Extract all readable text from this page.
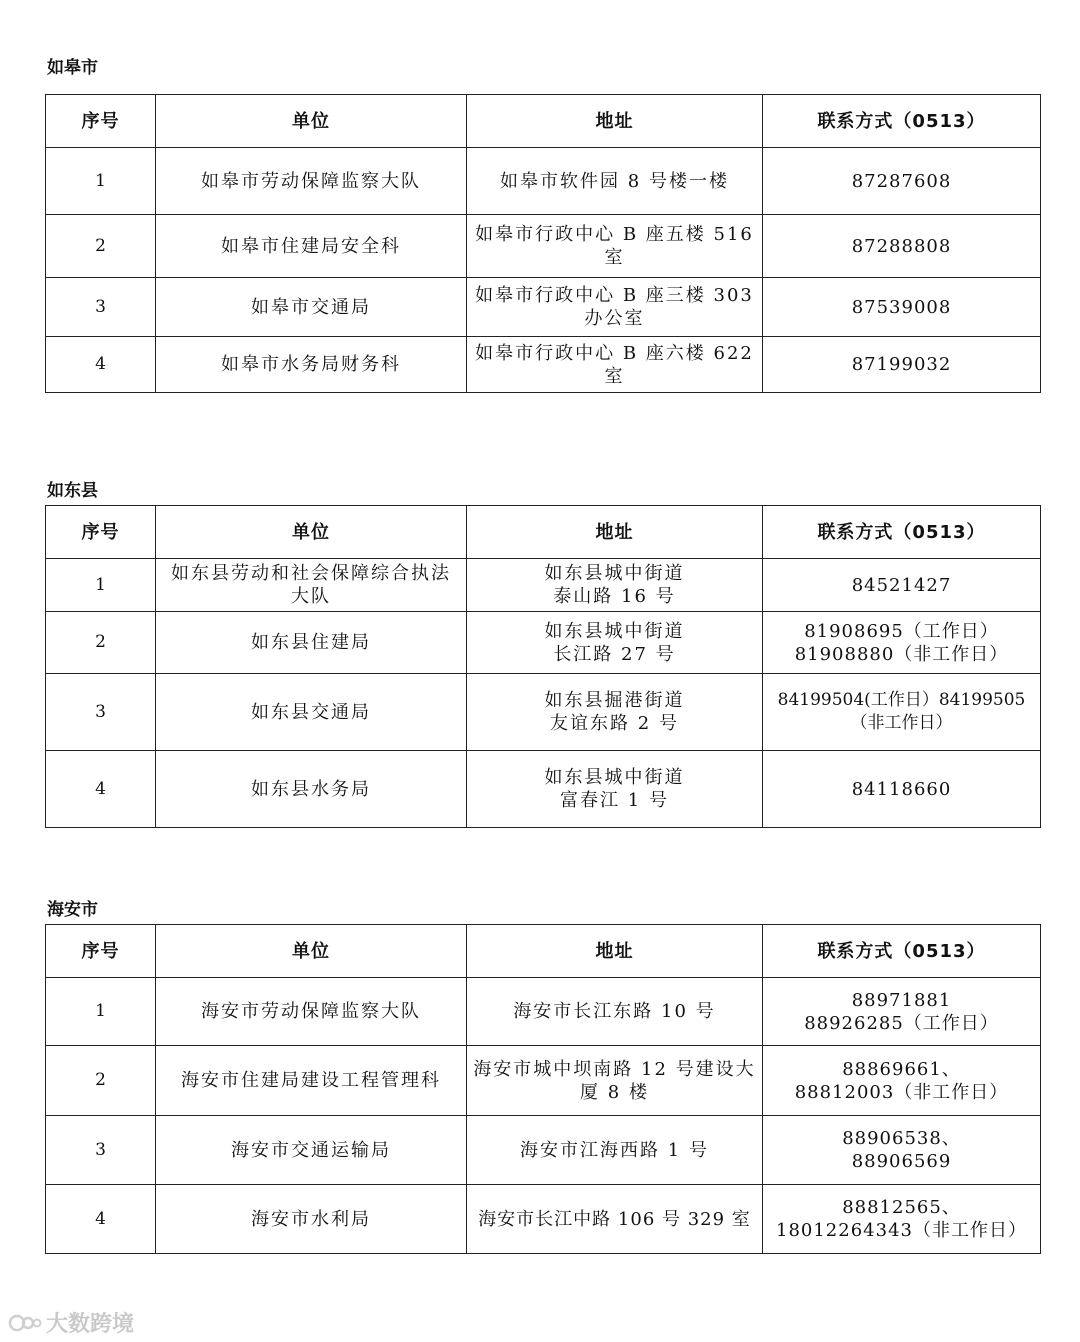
如皋市
序号	单位	地址	联系方式（0513）
1	如皋市劳动保障监察大队	如皋市软件园 8 号楼一楼	87287608
2	如皋市住建局安全科	如皋市行政中心 B 座五楼 516
室	87288808
3	如皋市交通局	如皋市行政中心 B 座三楼 303
办公室	87539008
4	如皋市水务局财务科	如皋市行政中心 B 座六楼 622
室	87199032
如东县
序号	单位	地址	联系方式（0513）
1	如东县劳动和社会保障综合执法
大队	如东县城中街道
泰山路 16 号	84521427
2	如东县住建局	如东县城中街道
长江路 27 号	81908695（工作日）
81908880（非工作日）
3	如东县交通局	如东县掘港街道
友谊东路 2 号	84199504(工作日）84199505
（非工作日）
4	如东县水务局	如东县城中街道
富春江 1 号	84118660
海安市
序号	单位	地址	联系方式（0513）
1	海安市劳动保障监察大队	海安市长江东路 10 号	88971881
88926285（工作日）
2	海安市住建局建设工程管理科	海安市城中坝南路 12 号建设大
厦 8 楼	88869661、
88812003（非工作日）
3	海安市交通运输局	海安市江海西路 1 号	88906538、
88906569
4	海安市水利局	海安市长江中路 106 号 329 室	88812565、
18012264343（非工作日）
大数跨境
